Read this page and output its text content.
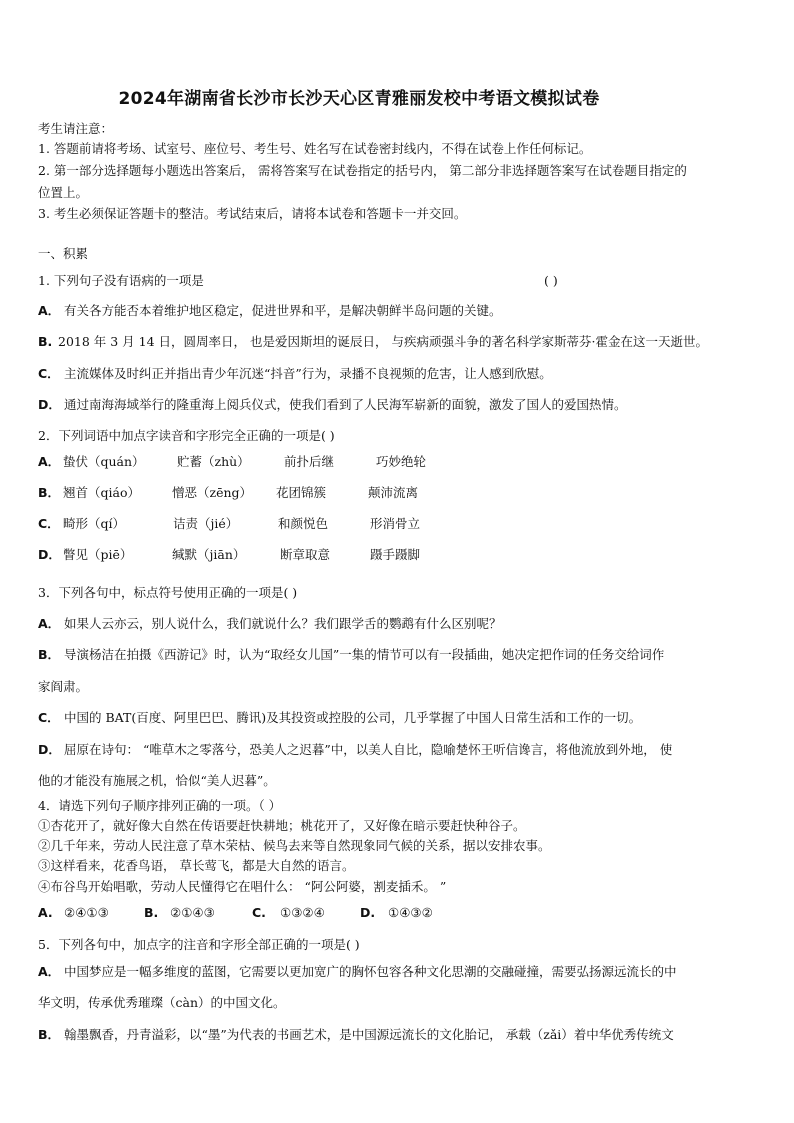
2024年湖南省长沙市长沙天心区青雅丽发校中考语文模拟试卷
考生请注意：
1. 答题前请将考场、试室号、座位号、考生号、姓名写在试卷密封线内，不得在试卷上作任何标记。
2. 第一部分选择题每小题选出答案后， 需将答案写在试卷指定的括号内， 第二部分非选择题答案写在试卷题目指定的
位置上。
3. 考生必须保证答题卡的整洁。考试结束后，请将本试卷和答题卡一并交回。
一、积累
1. 下列句子没有语病的一项是	( )
A． 有关各方能否本着维护地区稳定，促进世界和平，是解决朝鲜半岛问题的关键。
B. 2018 年 3 月 14 日，圆周率日， 也是爱因斯坦的诞辰日， 与疾病顽强斗争的著名科学家斯蒂芬·霍金在这一天逝世。
C． 主流媒体及时纠正并指出青少年沉迷“抖音”行为，录播不良视频的危害，让人感到欣慰。
D． 通过南海海域举行的隆重海上阅兵仪式，使我们看到了人民海军崭新的面貌，激发了国人的爱国热情。
2．下列词语中加点字读音和字形完全正确的一项是( )
A． 蛰伏（quán）	贮蓄（zhù）	前扑后继	巧妙绝轮
B． 翘首（qiáo）	憎恶（zēng） 花团锦簇	颠沛流离
C． 畸形（qí）	诘责（jié）	和颜悦色	形消骨立
D． 瞥见（piē）	缄默（jiān）	断章取意	蹑手蹑脚
3．下列各句中，标点符号使用正确的一项是( )
A． 如果人云亦云，别人说什么，我们就说什么？我们跟学舌的鹦鹉有什么区别呢？
B． 导演杨洁在拍摄《西游记》时，认为“取经女儿国”一集的情节可以有一段插曲，她决定把作词的任务交给词作
家阎肃。
C． 中国的 BAT(百度、阿里巴巴、腾讯)及其投资或控股的公司，几乎掌握了中国人日常生活和工作的一切。
D． 屈原在诗句： “唯草木之零落兮，恐美人之迟暮”中，以美人自比，隐喻楚怀王听信谗言，将他流放到外地， 使
他的才能没有施展之机，恰似“美人迟暮”。
4．请选下列句子顺序排列正确的一项。（ ）
①杏花开了，就好像大自然在传语要赶快耕地；桃花开了，又好像在暗示要赶快种谷子。
②几千年来，劳动人民注意了草木荣枯、候鸟去来等自然现象同气候的关系，据以安排农事。
③这样看来，花香鸟语， 草长莺飞，都是大自然的语言。
④布谷鸟开始唱歌，劳动人民懂得它在唱什么： “阿公阿婆，割麦插禾。 ”
A. ②④①③	B. ②①④③	C. ①③②④	D. ①④③②
5．下列各句中，加点字的注音和字形全部正确的一项是( )
A． 中国梦应是一幅多维度的蓝图，它需要以更加宽广的胸怀包容各种文化思潮的交融碰撞，需要弘扬源远流长的中
华文明，传承优秀璀璨（càn）的中国文化。
B． 翰墨飘香，丹青溢彩，以“墨”为代表的书画艺术，是中国源远流长的文化胎记， 承载（zǎi）着中华优秀传统文
